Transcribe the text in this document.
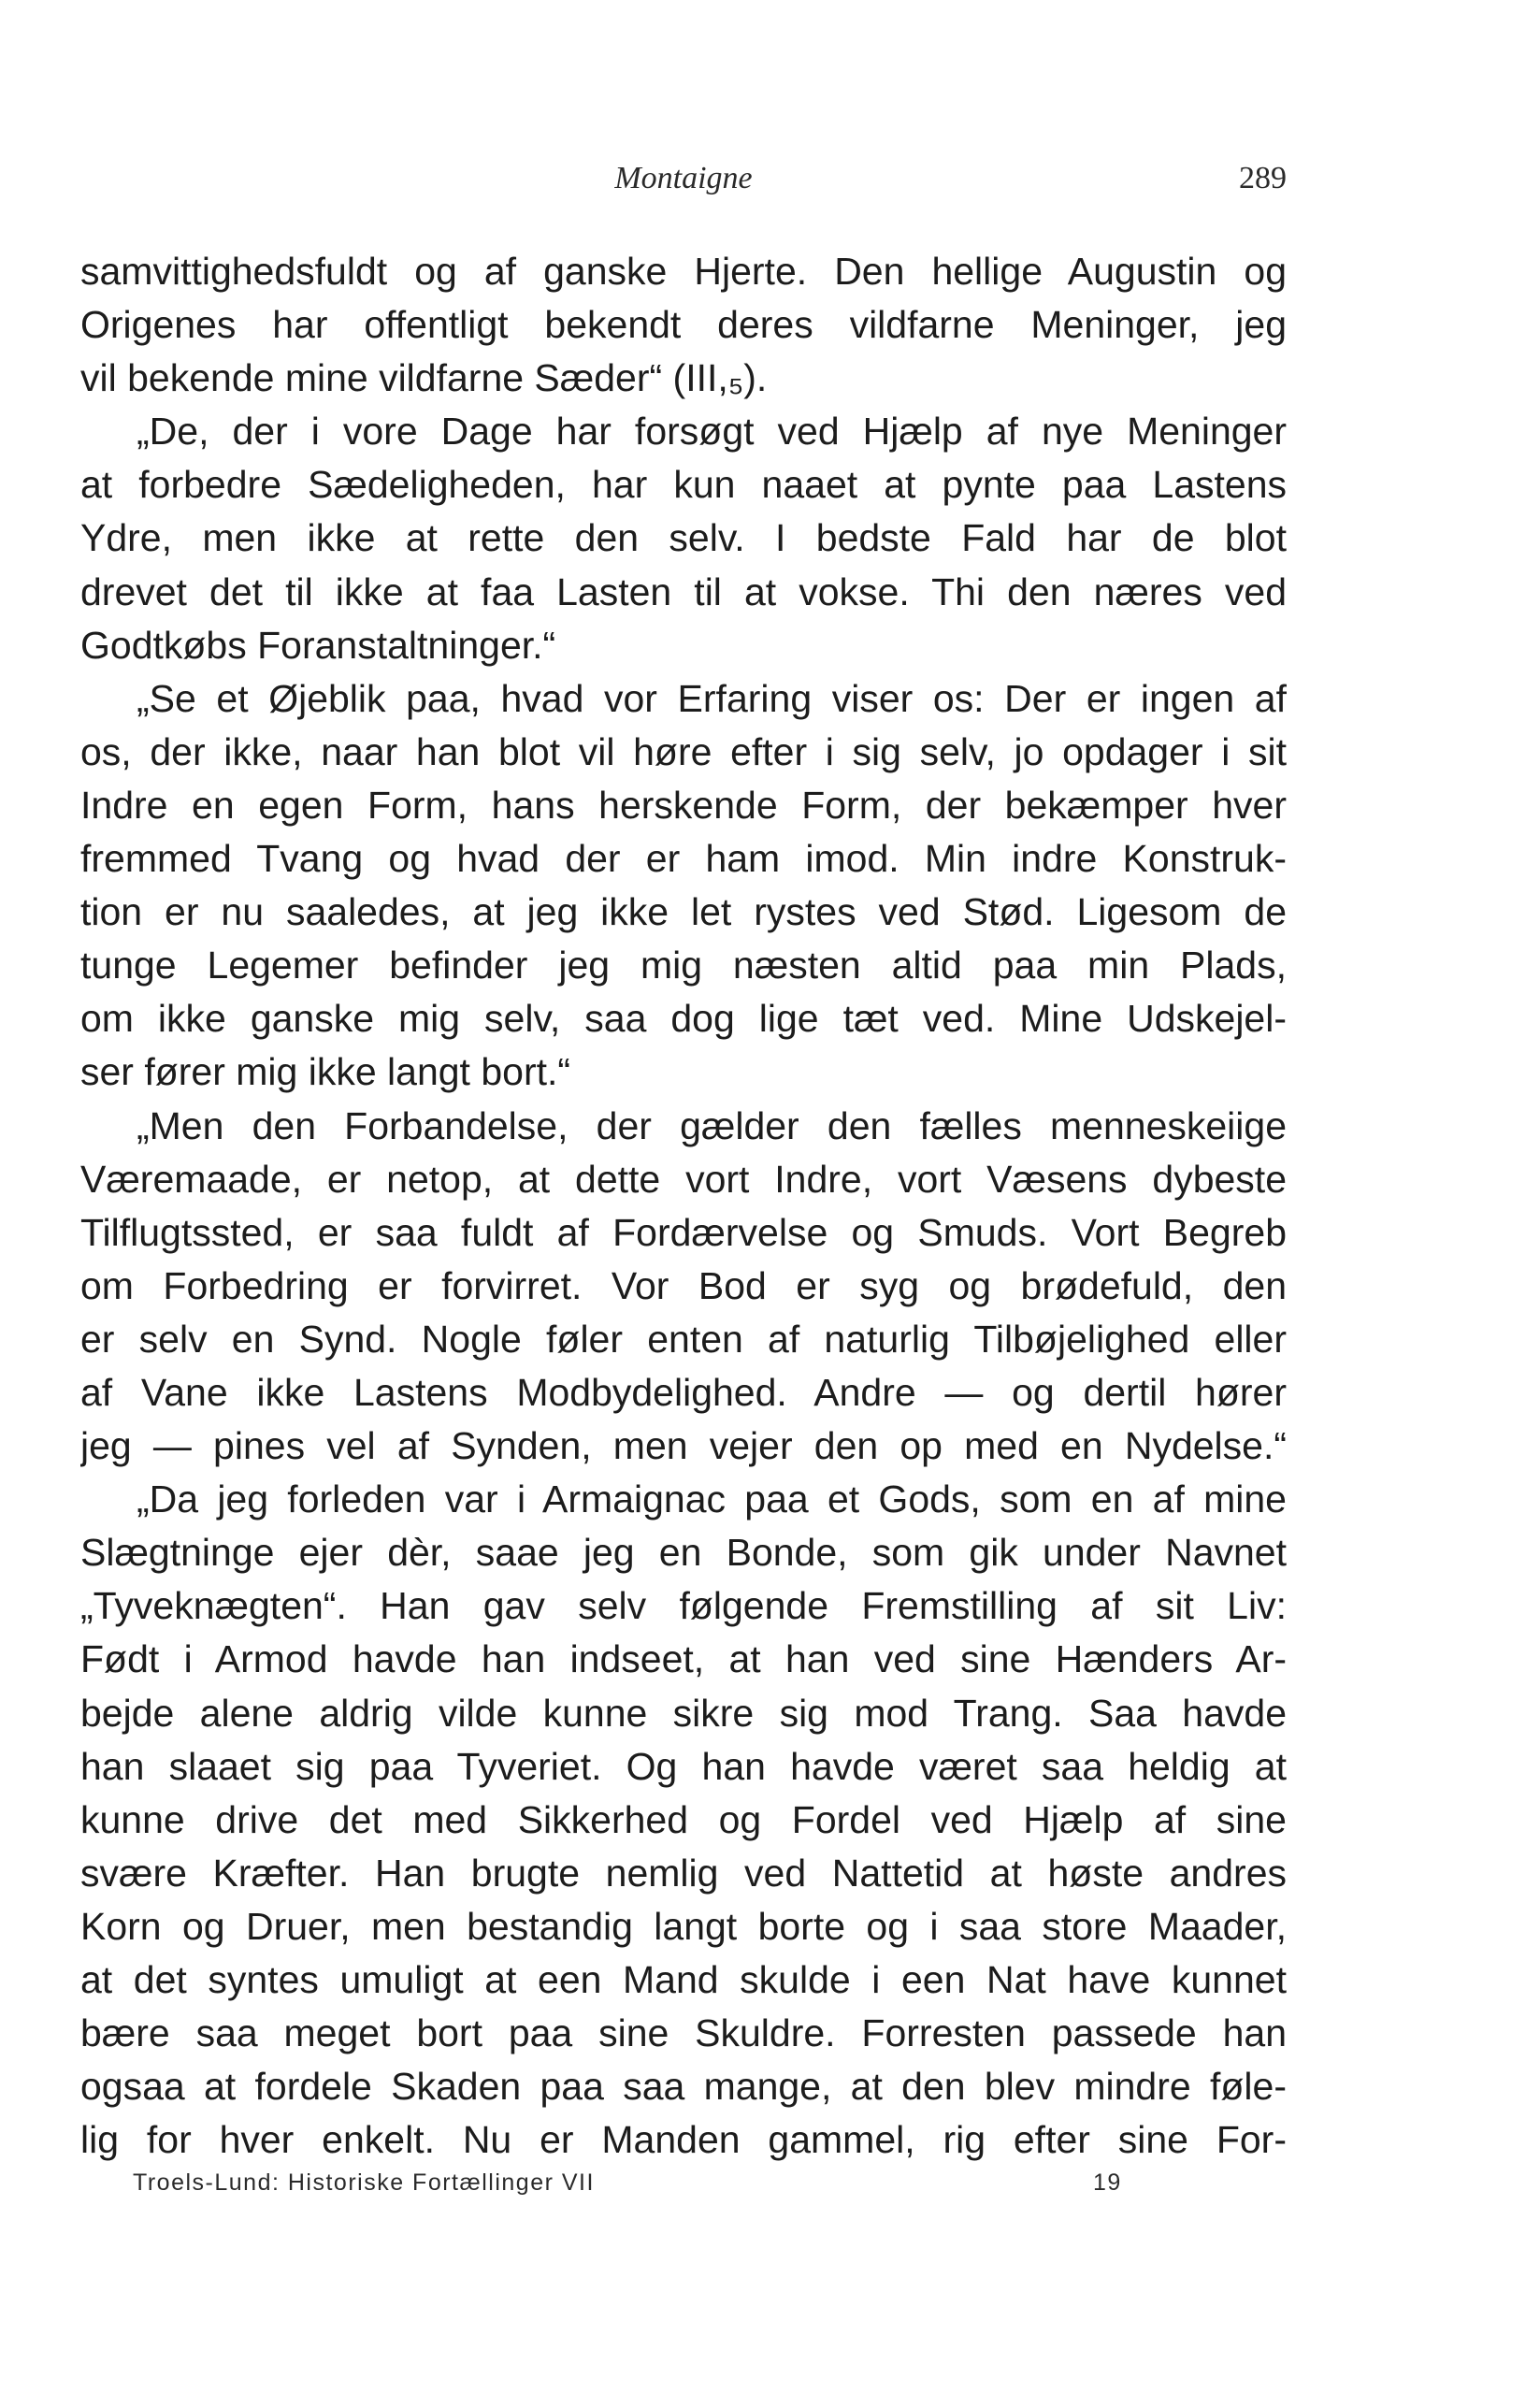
Montaigne	289
samvittighedsfuldt og af ganske Hjerte. Den hellige Augustin og
Origenes har offentligt bekendt deres vildfarne Meninger, jeg
vil bekende mine vildfarne Sæder“ (III,₅).
„De, der i vore Dage har forsøgt ved Hjælp af nye Meninger
at forbedre Sædeligheden, har kun naaet at pynte paa Lastens
Ydre, men ikke at rette den selv. I bedste Fald har de blot
drevet det til ikke at faa Lasten til at vokse. Thi den næres ved
Godtkøbs Foranstaltninger.“
„Se et Øjeblik paa, hvad vor Erfaring viser os: Der er ingen af
os, der ikke, naar han blot vil høre efter i sig selv, jo opdager i sit
Indre en egen Form, hans herskende Form, der bekæmper hver
fremmed Tvang og hvad der er ham imod. Min indre Konstruk-
tion er nu saaledes, at jeg ikke let rystes ved Stød. Ligesom de
tunge Legemer befinder jeg mig næsten altid paa min Plads,
om ikke ganske mig selv, saa dog lige tæt ved. Mine Udskejel-
ser fører mig ikke langt bort.“
„Men den Forbandelse, der gælder den fælles menneskeiige
Væremaade, er netop, at dette vort Indre, vort Væsens dybeste
Tilflugtssted, er saa fuldt af Fordærvelse og Smuds. Vort Begreb
om Forbedring er forvirret. Vor Bod er syg og brødefuld, den
er selv en Synd. Nogle føler enten af naturlig Tilbøjelighed eller
af Vane ikke Lastens Modbydelighed. Andre — og dertil hører
jeg — pines vel af Synden, men vejer den op med en Nydelse.“
„Da jeg forleden var i Armaignac paa et Gods, som en af mine
Slægtninge ejer dèr, saae jeg en Bonde, som gik under Navnet
„Tyveknægten“. Han gav selv følgende Fremstilling af sit Liv:
Født i Armod havde han indseet, at han ved sine Hænders Ar-
bejde alene aldrig vilde kunne sikre sig mod Trang. Saa havde
han slaaet sig paa Tyveriet. Og han havde været saa heldig at
kunne drive det med Sikkerhed og Fordel ved Hjælp af sine
svære Kræfter. Han brugte nemlig ved Nattetid at høste andres
Korn og Druer, men bestandig langt borte og i saa store Maader,
at det syntes umuligt at een Mand skulde i een Nat have kunnet
bære saa meget bort paa sine Skuldre. Forresten passede han
ogsaa at fordele Skaden paa saa mange, at den blev mindre føle-
lig for hver enkelt. Nu er Manden gammel, rig efter sine For-
Troels-Lund: Historiske Fortællinger VII	19
